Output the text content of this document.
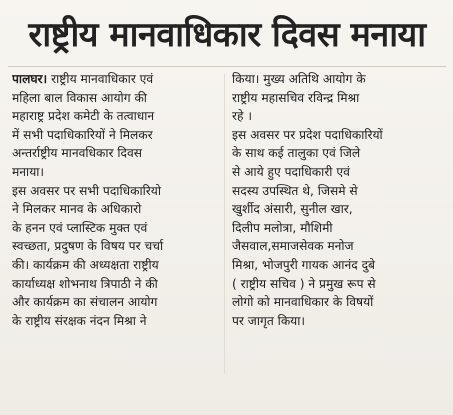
राष्ट्रीय मानवाधिकार दिवस मनाया
पालघर। राष्ट्रीय मानवाधिकार एवं
महिला बाल विकास आयोग की
महाराष्ट्र प्रदेश कमेटी के तत्वाधान
में सभी पदाधिकारियों ने मिलकर
अन्तर्राष्ट्रीय मानवधिकार दिवस
मनाया।
इस अवसर पर सभी पदाधिकारियो
ने मिलकर मानव के अधिकारो
के हनन एवं प्लास्टिक मुक्त एवं
स्वच्छता, प्रदुषण के विषय पर चर्चा
की। कार्यक्रम की अध्यक्षता राष्ट्रीय
कार्याध्यक्ष शोभनाथ त्रिपाठी ने की
और कार्यक्रम का संचालन आयोग
के राष्ट्रीय संरक्षक नंदन मिश्रा ने
किया। मुख्य अतिथि आयोग के
राष्ट्रीय महासचिव रविन्द्र मिश्रा
रहे ।
इस अवसर पर प्रदेश पदाधिकारियों
के साथ कई तालुका एवं जिले
से आये हुए पदाधिकारी एवं
सदस्य उपस्थित थे, जिसमे से
खुर्शीद अंसारी, सुनील खार,
दिलीप मलोत्रा, मौशिमी
जैसवाल,समाजसेवक मनोज
मिश्रा, भोजपुरी गायक आनंद दुबे
( राष्ट्रीय सचिव ) ने प्रमुख रूप से
लोगो को मानवाधिकार के विषयों
पर जागृत किया।
